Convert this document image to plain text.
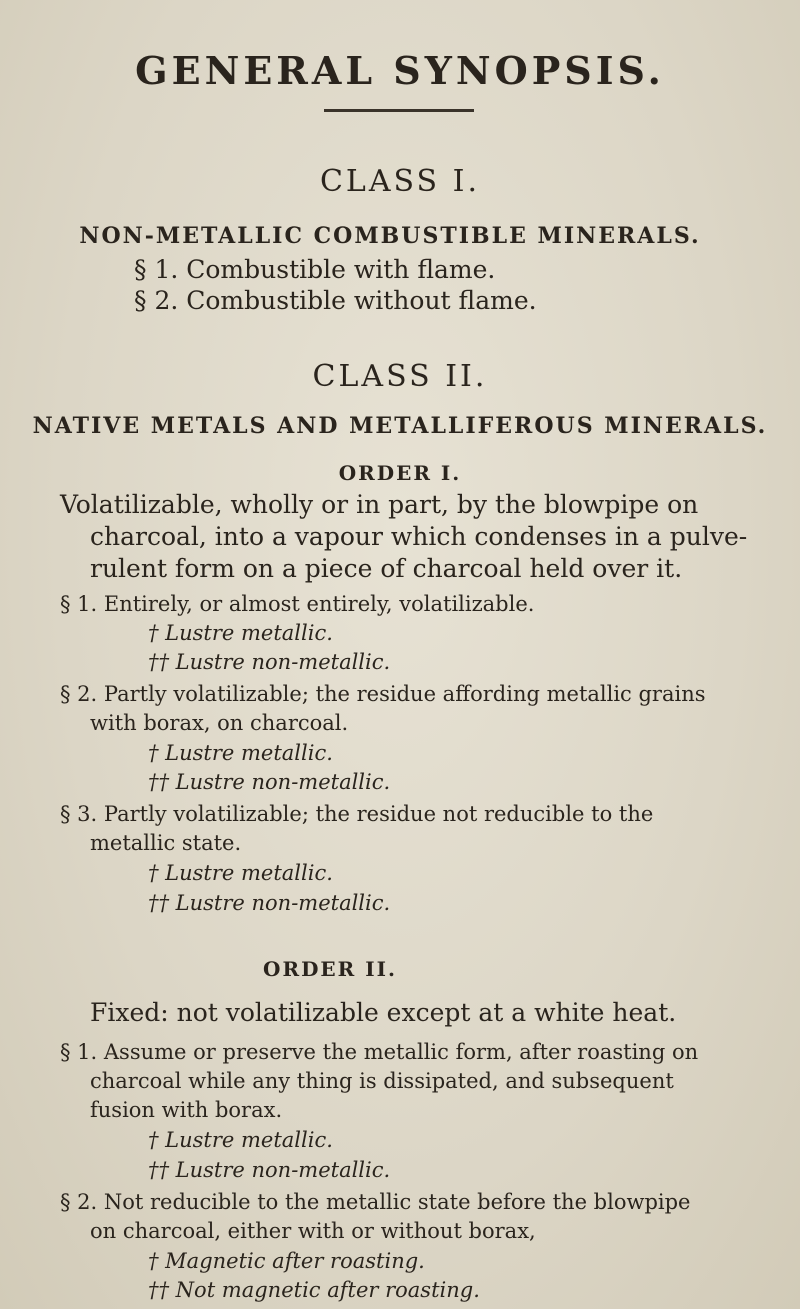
GENERAL SYNOPSIS.
CLASS I.
NON-METALLIC COMBUSTIBLE MINERALS.
§ 1. Combustible with flame.
§ 2. Combustible without flame.
CLASS II.
NATIVE METALS AND METALLIFEROUS MINERALS.
ORDER I.
Volatilizable, wholly or in part, by the blowpipe on
charcoal, into a vapour which condenses in a pulve-
rulent form on a piece of charcoal held over it.
§ 1. Entirely, or almost entirely, volatilizable.
† Lustre metallic.
†† Lustre non-metallic.
§ 2. Partly volatilizable; the residue affording metallic grains
with borax, on charcoal.
† Lustre metallic.
†† Lustre non-metallic.
§ 3. Partly volatilizable; the residue not reducible to the
metallic state.
† Lustre metallic.
†† Lustre non-metallic.
ORDER II.
Fixed: not volatilizable except at a white heat.
§ 1. Assume or preserve the metallic form, after roasting on
charcoal while any thing is dissipated, and subsequent
fusion with borax.
† Lustre metallic.
†† Lustre non-metallic.
§ 2. Not reducible to the metallic state before the blowpipe
on charcoal, either with or without borax,
† Magnetic after roasting.
†† Not magnetic after roasting.
